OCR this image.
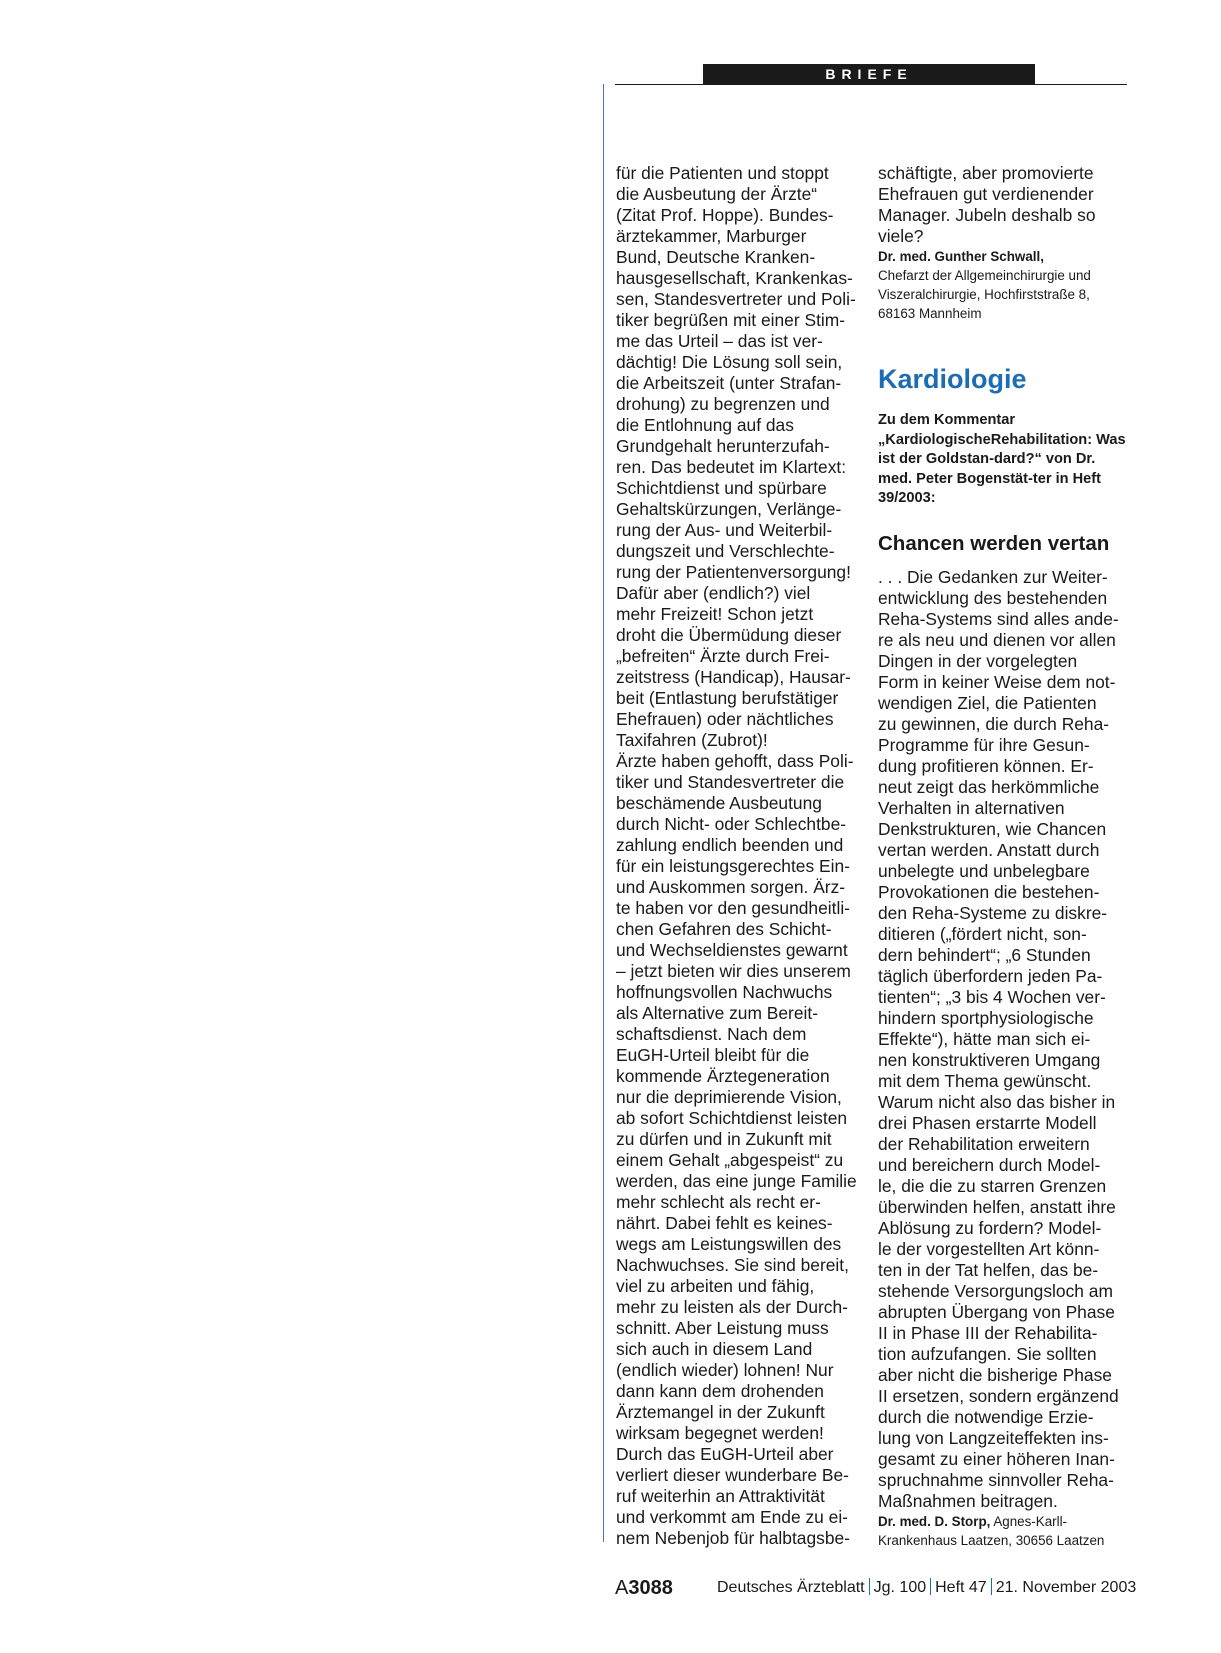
BRIEFE
für die Patienten und stoppt
die Ausbeutung der Ärzte“
(Zitat Prof. Hoppe). Bundes-
ärztekammer, Marburger
Bund, Deutsche Kranken-
hausgesellschaft, Krankenkas-
sen, Standesvertreter und Poli-
tiker begrüßen mit einer Stim-
me das Urteil – das ist ver-
dächtig! Die Lösung soll sein,
die Arbeitszeit (unter Strafan-
drohung) zu begrenzen und
die Entlohnung auf das
Grundgehalt herunterzufah-
ren. Das bedeutet im Klartext:
Schichtdienst und spürbare
Gehaltskürzungen, Verlänge-
rung der Aus- und Weiterbil-
dungszeit und Verschlechte-
rung der Patientenversorgung!
Dafür aber (endlich?) viel
mehr Freizeit! Schon jetzt
droht die Übermüdung dieser
„befreiten“ Ärzte durch Frei-
zeitstress (Handicap), Hausar-
beit (Entlastung berufstätiger
Ehefrauen) oder nächtliches
Taxifahren (Zubrot)!
Ärzte haben gehofft, dass Poli-
tiker und Standesvertreter die
beschämende Ausbeutung
durch Nicht- oder Schlechtbe-
zahlung endlich beenden und
für ein leistungsgerechtes Ein-
und Auskommen sorgen. Ärz-
te haben vor den gesundheitli-
chen Gefahren des Schicht-
und Wechseldienstes gewarnt
– jetzt bieten wir dies unserem
hoffnungsvollen Nachwuchs
als Alternative zum Bereit-
schaftsdienst. Nach dem
EuGH-Urteil bleibt für die
kommende Ärztegeneration
nur die deprimierende Vision,
ab sofort Schichtdienst leisten
zu dürfen und in Zukunft mit
einem Gehalt „abgespeist“ zu
werden, das eine junge Familie
mehr schlecht als recht er-
nährt. Dabei fehlt es keines-
wegs am Leistungswillen des
Nachwuchses. Sie sind bereit,
viel zu arbeiten und fähig,
mehr zu leisten als der Durch-
schnitt. Aber Leistung muss
sich auch in diesem Land
(endlich wieder) lohnen! Nur
dann kann dem drohenden
Ärztemangel in der Zukunft
wirksam begegnet werden!
Durch das EuGH-Urteil aber
verliert dieser wunderbare Be-
ruf weiterhin an Attraktivität
und verkommt am Ende zu ei-
nem Nebenjob für halbtagsbe-
schäftigte, aber promovierte
Ehefrauen gut verdienender
Manager. Jubeln deshalb so
viele?
Dr. med. Gunther Schwall,
Chefarzt der Allgemeinchirurgie und
Viszeralchirurgie, Hochfirststraße 8,
68163 Mannheim
Kardiologie
Zu dem Kommentar „KardiologischeRehabilitation: Was ist der Goldstan-dard?“ von Dr. med. Peter Bogenstät-ter in Heft 39/2003:
Chancen werden vertan
. . . Die Gedanken zur Weiter-
entwicklung des bestehenden
Reha-Systems sind alles ande-
re als neu und dienen vor allen
Dingen in der vorgelegten
Form in keiner Weise dem not-
wendigen Ziel, die Patienten
zu gewinnen, die durch Reha-
Programme für ihre Gesun-
dung profitieren können. Er-
neut zeigt das herkömmliche
Verhalten in alternativen
Denkstrukturen, wie Chancen
vertan werden. Anstatt durch
unbelegte und unbelegbare
Provokationen die bestehen-
den Reha-Systeme zu diskre-
ditieren („fördert nicht, son-
dern behindert“; „6 Stunden
täglich überfordern jeden Pa-
tienten“; „3 bis 4 Wochen ver-
hindern sportphysiologische
Effekte“), hätte man sich ei-
nen konstruktiveren Umgang
mit dem Thema gewünscht.
Warum nicht also das bisher in
drei Phasen erstarrte Modell
der Rehabilitation erweitern
und bereichern durch Model-
le, die die zu starren Grenzen
überwinden helfen, anstatt ihre
Ablösung zu fordern? Model-
le der vorgestellten Art könn-
ten in der Tat helfen, das be-
stehende Versorgungsloch am
abrupten Übergang von Phase
II in Phase III der Rehabilita-
tion aufzufangen. Sie sollten
aber nicht die bisherige Phase
II ersetzen, sondern ergänzend
durch die notwendige Erzie-
lung von Langzeiteffekten ins-
gesamt zu einer höheren Inan-
spruchnahme sinnvoller Reha-
Maßnahmen beitragen.
Dr. med. D. Storp, Agnes-Karll-
Krankenhaus Laatzen, 30656 Laatzen
A3088	Deutsches Ärzteblatt Jg. 100 Heft 47 21. November 2003
